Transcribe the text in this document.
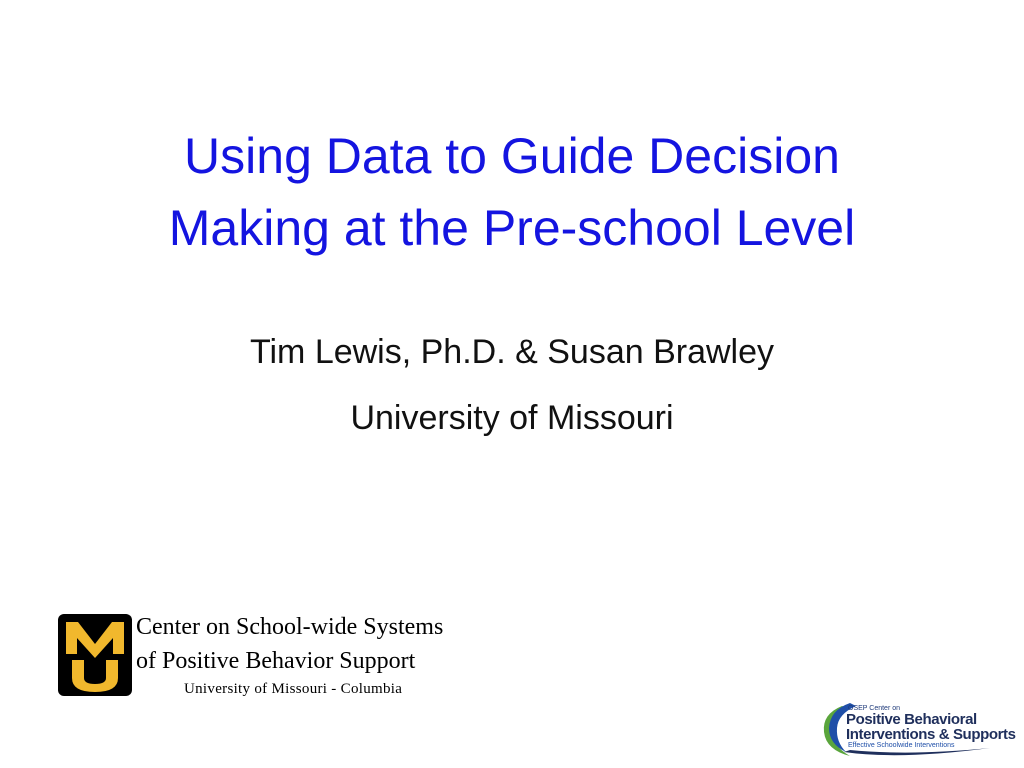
Using Data to Guide Decision
Making at the Pre-school Level
Tim Lewis, Ph.D. & Susan Brawley
University of Missouri
Center on School-wide Systems
of Positive Behavior Support
University of Missouri - Columbia
OSEP Center on
Positive Behavioral
Interventions & Supports
Effective Schoolwide Interventions
